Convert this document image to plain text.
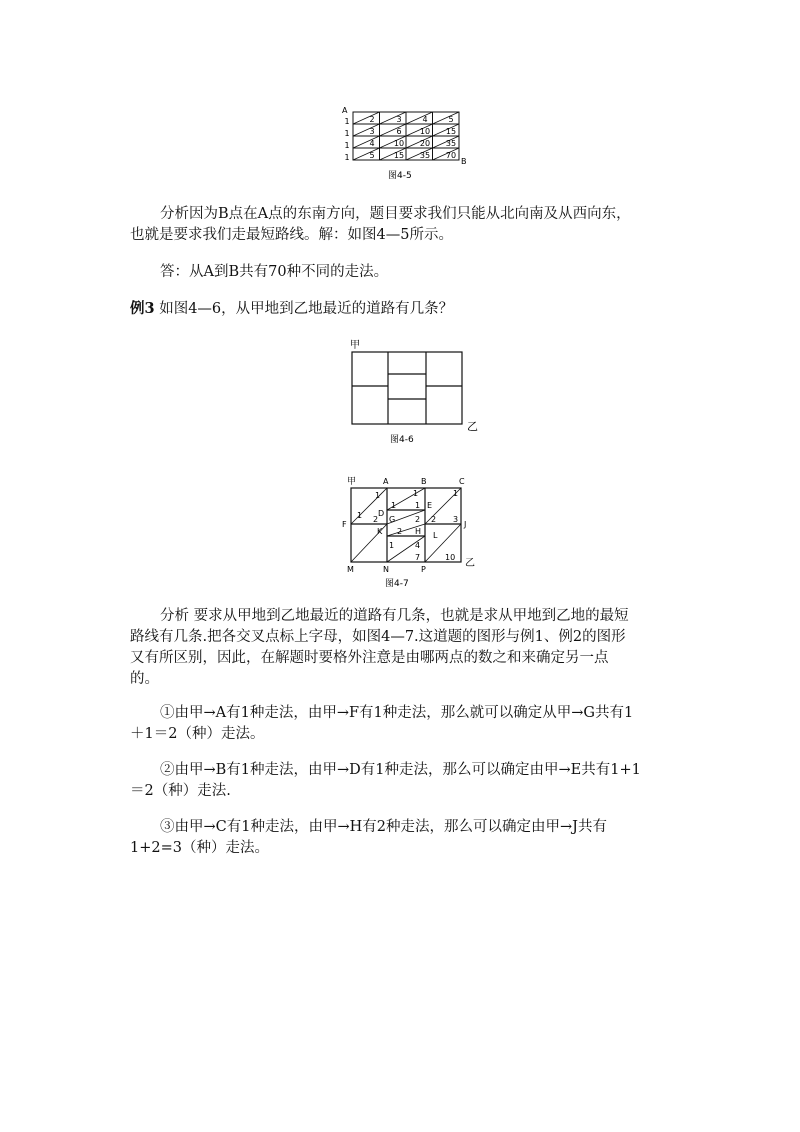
A
B
1
1
1
1
2	3	4	5
3	6 10 15
4 10 20 35
5 15 35 70
图4-5

分析因为B点在A点的东南方向，题目要求我们只能从北向南及从西向东，

也就是要求我们走最短路线。解：如图4—5所示。

答：从A到B共有70种不同的走法。

例3 如图4—6，从甲地到乙地最近的道路有几条？

甲
乙
图4-6
甲
乙
A	B	C
F	J
M	N	P
D
G
E
K	H L
1	1	1
2
1
2
2 3
1 1
2
4
7	10
1
图4-7

分析 要求从甲地到乙地最近的道路有几条，也就是求从甲地到乙地的最短

路线有几条.把各交叉点标上字母，如图4—7.这道题的图形与例1、例2的图形

又有所区别，因此，在解题时要格外注意是由哪两点的数之和来确定另一点

的。

①由甲→A有1种走法，由甲→F有1种走法，那么就可以确定从甲→G共有1

＋1＝2（种）走法。

②由甲→B有1种走法，由甲→D有1种走法，那么可以确定由甲→E共有1+1

＝2（种）走法.

③由甲→C有1种走法，由甲→H有2种走法，那么可以确定由甲→J共有

1+2=3（种）走法。
